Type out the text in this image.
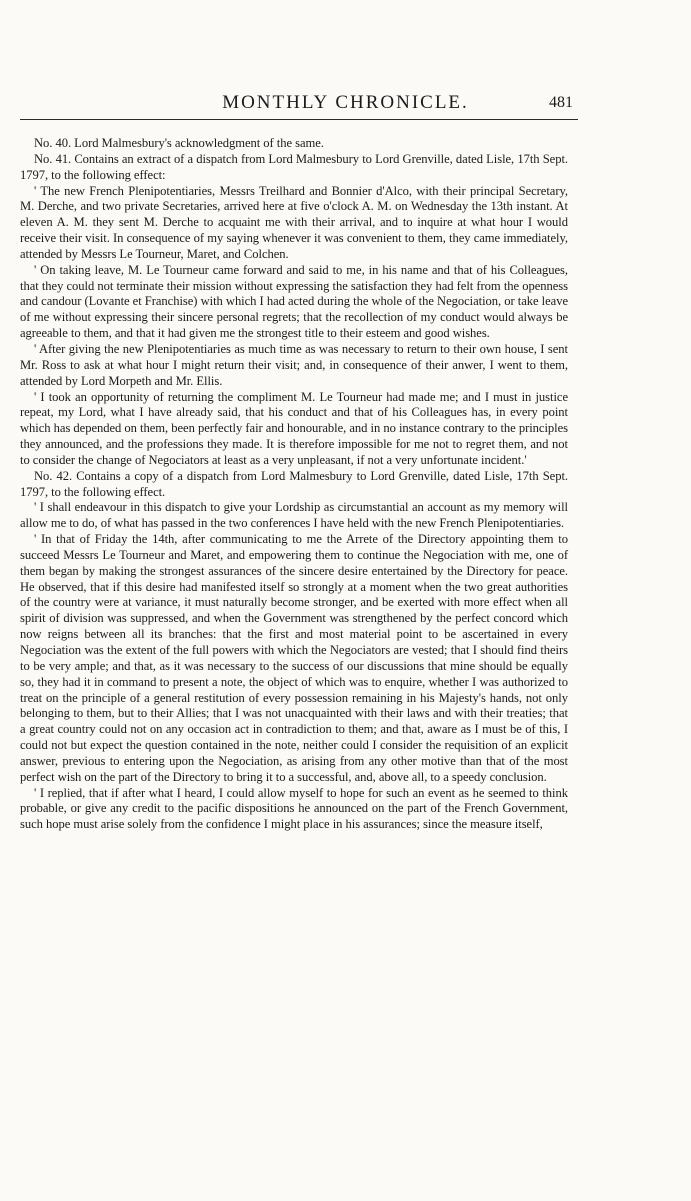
MONTHLY CHRONICLE.	481

No. 40. Lord Malmesbury's acknowledgment of the same.

No. 41. Contains an extract of a dispatch from Lord Malmesbury to Lord Grenville, dated Lisle, 17th Sept. 1797, to the following effect:

' The new French Plenipotentiaries, Messrs Treilhard and Bonnier d'Alco, with their principal Secretary, M. Derche, and two private Secretaries, arrived here at five o'clock A. M. on Wednesday the 13th instant. At eleven A. M. they sent M. Derche to acquaint me with their arrival, and to inquire at what hour I would receive their visit. In consequence of my saying whenever it was convenient to them, they came immediately, attended by Messrs Le Tourneur, Maret, and Colchen.

' On taking leave, M. Le Tourneur came forward and said to me, in his name and that of his Colleagues, that they could not terminate their mission without expressing the satisfaction they had felt from the openness and candour (Lovante et Franchise) with which I had acted during the whole of the Negociation, or take leave of me without expressing their sincere personal regrets; that the recollection of my conduct would always be agreeable to them, and that it had given me the strongest title to their esteem and good wishes.

' After giving the new Plenipotentiaries as much time as was necessary to return to their own house, I sent Mr. Ross to ask at what hour I might return their visit; and, in consequence of their anwer, I went to them, attended by Lord Morpeth and Mr. Ellis.

' I took an opportunity of returning the compliment M. Le Tourneur had made me; and I must in justice repeat, my Lord, what I have already said, that his conduct and that of his Colleagues has, in every point which has depended on them, been perfectly fair and honourable, and in no instance contrary to the principles they announced, and the professions they made. It is therefore impossible for me not to regret them, and not to consider the change of Negociators at least as a very unpleasant, if not a very unfortunate incident.'

No. 42. Contains a copy of a dispatch from Lord Malmesbury to Lord Grenville, dated Lisle, 17th Sept. 1797, to the following effect.

' I shall endeavour in this dispatch to give your Lordship as circumstantial an account as my memory will allow me to do, of what has passed in the two conferences I have held with the new French Plenipotentiaries.

' In that of Friday the 14th, after communicating to me the Arrete of the Directory appointing them to succeed Messrs Le Tourneur and Maret, and empowering them to continue the Negociation with me, one of them began by making the strongest assurances of the sincere desire entertained by the Directory for peace. He observed, that if this desire had manifested itself so strongly at a moment when the two great authorities of the country were at variance, it must naturally become stronger, and be exerted with more effect when all spirit of division was suppressed, and when the Government was strengthened by the perfect concord which now reigns between all its branches: that the first and most material point to be ascertained in every Negociation was the extent of the full powers with which the Negociators are vested; that I should find theirs to be very ample; and that, as it was necessary to the success of our discussions that mine should be equally so, they had it in command to present a note, the object of which was to enquire, whether I was authorized to treat on the principle of a general restitution of every possession remaining in his Majesty's hands, not only belonging to them, but to their Allies; that I was not unacquainted with their laws and with their treaties; that a great country could not on any occasion act in contradiction to them; and that, aware as I must be of this, I could not but expect the question contained in the note, neither could I consider the requisition of an explicit answer, previous to entering upon the Negociation, as arising from any other motive than that of the most perfect wish on the part of the Directory to bring it to a successful, and, above all, to a speedy conclusion.

' I replied, that if after what I heard, I could allow myself to hope for such an event as he seemed to think probable, or give any credit to the pacific dispositions he announced on the part of the French Government, such hope must arise solely from the confidence I might place in his assurances; since the measure itself,
